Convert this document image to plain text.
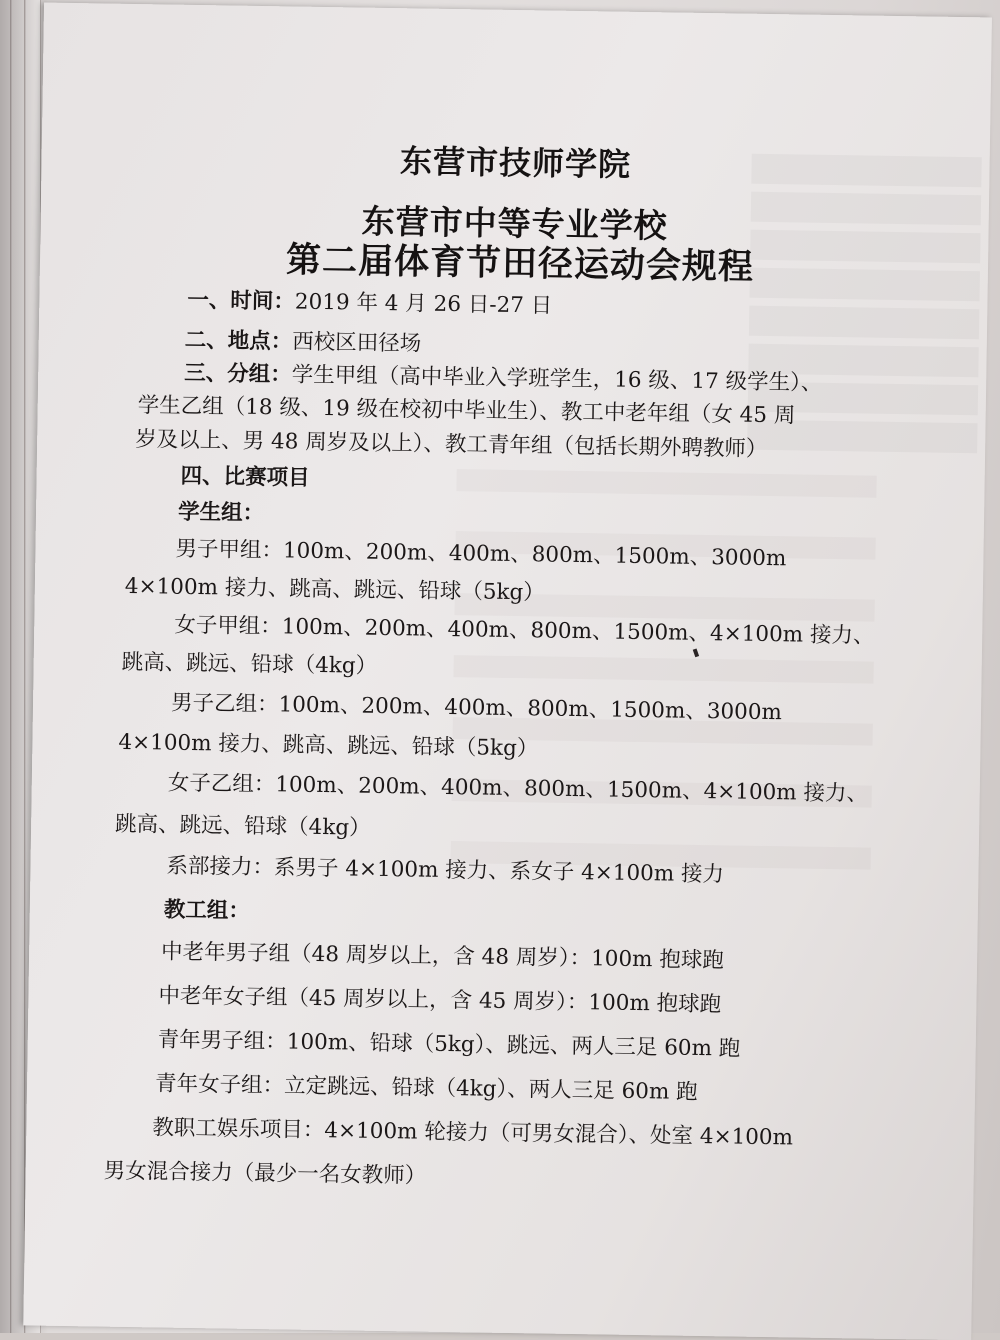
东营市技师学院
东营市中等专业学校
第二届体育节田径运动会规程
一、时间：2019 年 4 月 26 日-27 日
二、地点：西校区田径场
三、分组：学生甲组（高中毕业入学班学生，16 级、17 级学生）、
学生乙组（18 级、19 级在校初中毕业生）、教工中老年组（女 45 周
岁及以上、男 48 周岁及以上）、教工青年组（包括长期外聘教师）
四、比赛项目
学生组：
男子甲组：100m、200m、400m、800m、1500m、3000m
4×100m 接力、跳高、跳远、铅球（5kg）
女子甲组：100m、200m、400m、800m、1500m、4×100m 接力、
跳高、跳远、铅球（4kg）
男子乙组：100m、200m、400m、800m、1500m、3000m
4×100m 接力、跳高、跳远、铅球（5kg）
女子乙组：100m、200m、400m、800m、1500m、4×100m 接力、
跳高、跳远、铅球（4kg）
系部接力：系男子 4×100m 接力、系女子 4×100m 接力
教工组：
中老年男子组（48 周岁以上，含 48 周岁）：100m 抱球跑
中老年女子组（45 周岁以上，含 45 周岁）：100m 抱球跑
青年男子组：100m、铅球（5kg）、跳远、两人三足 60m 跑
青年女子组：立定跳远、铅球（4kg）、两人三足 60m 跑
教职工娱乐项目：4×100m 轮接力（可男女混合）、处室 4×100m
男女混合接力（最少一名女教师）
